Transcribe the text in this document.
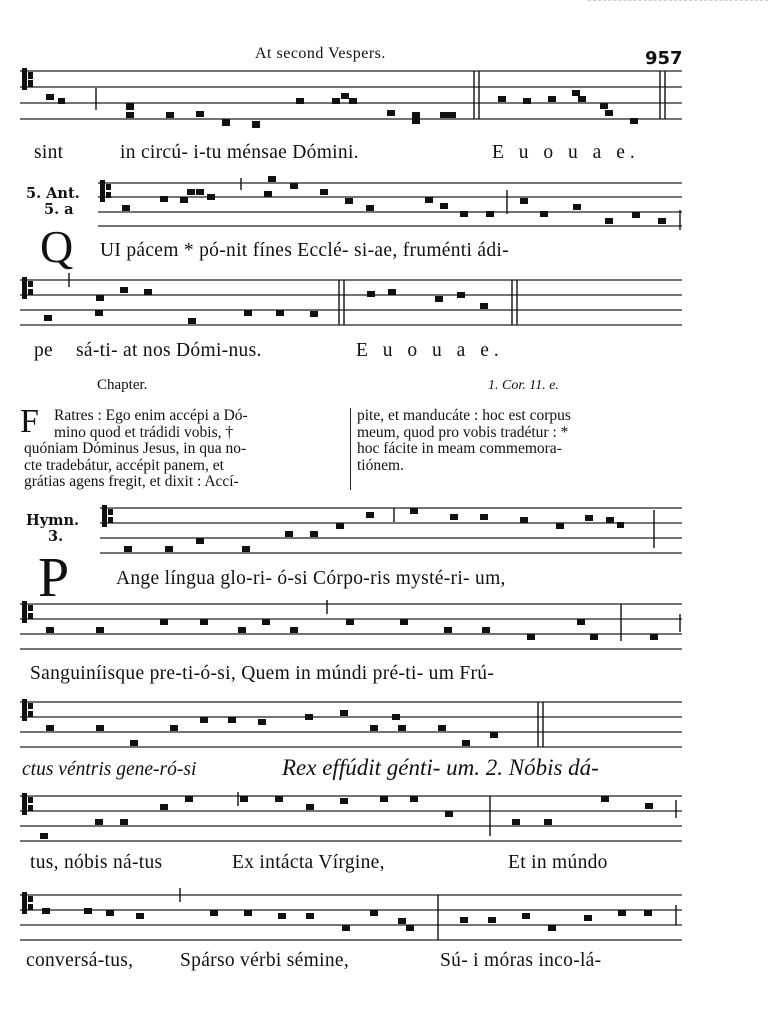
At second Vespers.	957
sint	in circú- i-tu ménsae Dómini.	E u o u a e.
5. Ant.
5. a
Q UI pácem * pó-nit fínes Ecclé- si-ae, fruménti ádi-
pe sá-ti- at nos Dómi-nus.	E u o u a e.
Chapter.	1. Cor. 11. e.
F Ratres : Ego enim accépi a Dó-
mino quod et trádidi vobis, †
quóniam Dóminus Jesus, in qua no-
cte tradebátur, accépit panem, et
grátias agens fregit, et dixit : Accí-
pite, et manducáte : hoc est corpus
meum, quod pro vobis tradétur : *
hoc fácite in meam commemora-
tiónem.
Hymn.
3.
P Ange língua glo-ri- ó-si Córpo-ris mysté-ri- um,
Sanguiníisque pre-ti-ó-si, Quem in múndi pré-ti- um Frú-
ctus véntris gene-ró-si	Rex effúdit génti- um. 2. Nóbis dá-
tus, nóbis ná-tus	Ex intácta Vírgine,	Et in múndo
conversá-tus, Spárso vérbi sémine,	Sú- i móras inco-lá-
